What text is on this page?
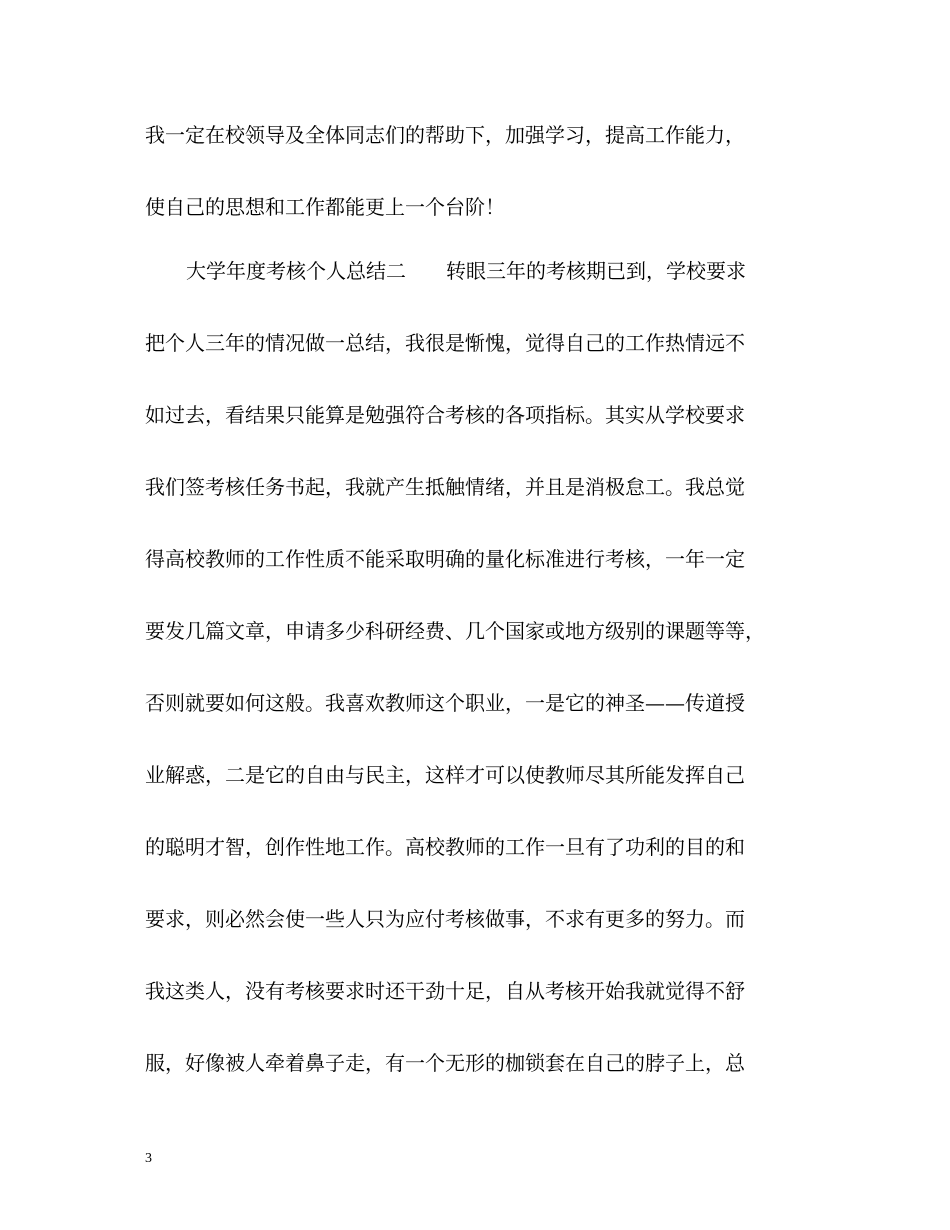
我一定在校领导及全体同志们的帮助下，加强学习，提高工作能力，
使自己的思想和工作都能更上一个台阶！
大学年度考核个人总结二　　转眼三年的考核期已到，学校要求
把个人三年的情况做一总结，我很是惭愧，觉得自己的工作热情远不
如过去，看结果只能算是勉强符合考核的各项指标。其实从学校要求
我们签考核任务书起，我就产生抵触情绪，并且是消极怠工。我总觉
得高校教师的工作性质不能采取明确的量化标准进行考核，一年一定
要发几篇文章，申请多少科研经费、几个国家或地方级别的课题等等，
否则就要如何这般。我喜欢教师这个职业，一是它的神圣——传道授
业解惑，二是它的自由与民主，这样才可以使教师尽其所能发挥自己
的聪明才智，创作性地工作。高校教师的工作一旦有了功利的目的和
要求，则必然会使一些人只为应付考核做事，不求有更多的努力。而
我这类人，没有考核要求时还干劲十足，自从考核开始我就觉得不舒
服，好像被人牵着鼻子走，有一个无形的枷锁套在自己的脖子上，总
3
